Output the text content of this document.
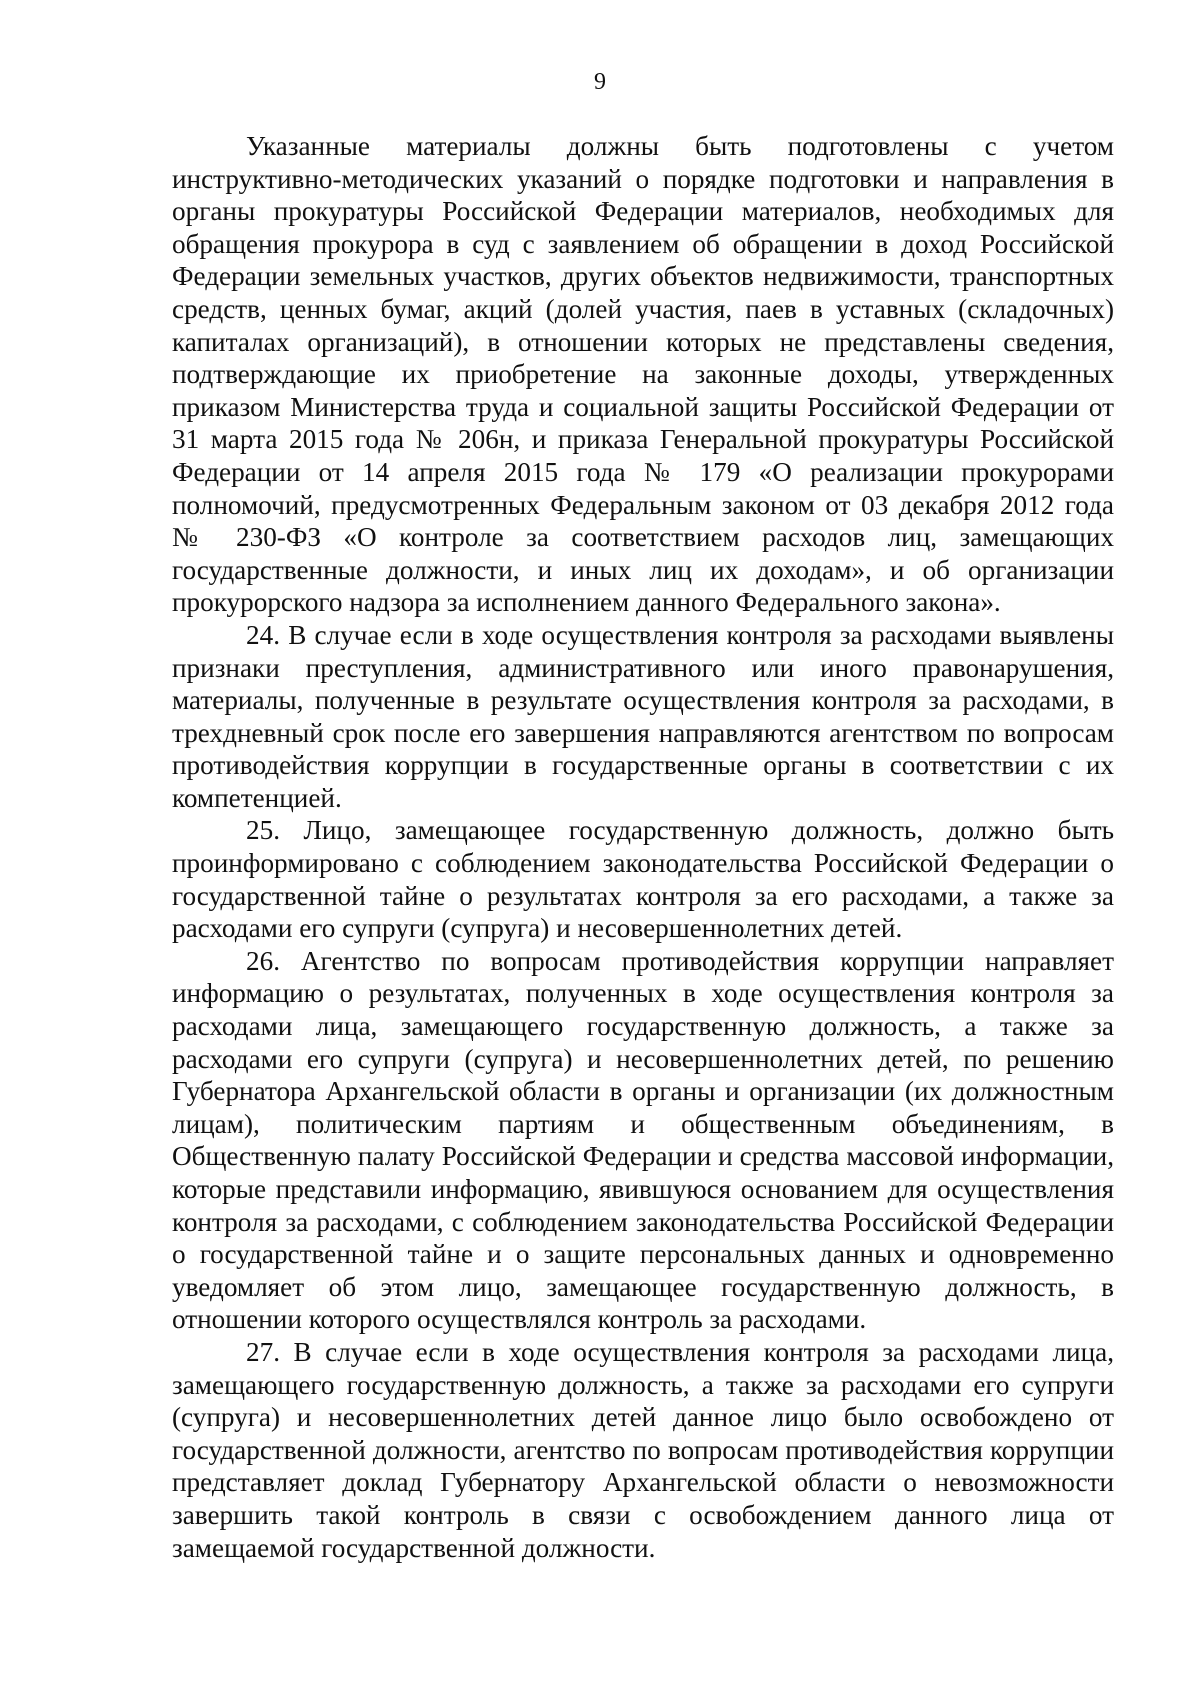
9

Указанные материалы должны быть подготовлены с учетом инструктивно-методических указаний о порядке подготовки и направления в органы прокуратуры Российской Федерации материалов, необходимых для обращения прокурора в суд с заявлением об обращении в доход Российской Федерации земельных участков, других объектов недвижимости, транспортных средств, ценных бумаг, акций (долей участия, паев в уставных (складочных) капиталах организаций), в отношении которых не представлены сведения, подтверждающие их приобретение на законные доходы, утвержденных приказом Министерства труда и социальной защиты Российской Федерации от 31 марта 2015 года № 206н, и приказа Генеральной прокуратуры Российской Федерации от 14 апреля 2015 года № 179 «О реализации прокурорами полномочий, предусмотренных Федеральным законом от 03 декабря 2012 года № 230-ФЗ «О контроле за соответствием расходов лиц, замещающих государственные должности, и иных лиц их доходам», и об организации прокурорского надзора за исполнением данного Федерального закона».

24. В случае если в ходе осуществления контроля за расходами выявлены признаки преступления, административного или иного правонарушения, материалы, полученные в результате осуществления контроля за расходами, в трехдневный срок после его завершения направляются агентством по вопросам противодействия коррупции в государственные органы в соответствии с их компетенцией.

25. Лицо, замещающее государственную должность, должно быть проинформировано с соблюдением законодательства Российской Федерации о государственной тайне о результатах контроля за его расходами, а также за расходами его супруги (супруга) и несовершеннолетних детей.

26. Агентство по вопросам противодействия коррупции направляет информацию о результатах, полученных в ходе осуществления контроля за расходами лица, замещающего государственную должность, а также за расходами его супруги (супруга) и несовершеннолетних детей, по решению Губернатора Архангельской области в органы и организации (их должностным лицам), политическим партиям и общественным объединениям, в Общественную палату Российской Федерации и средства массовой информации, которые представили информацию, явившуюся основанием для осуществления контроля за расходами, с соблюдением законодательства Российской Федерации о государственной тайне и о защите персональных данных и одновременно уведомляет об этом лицо, замещающее государственную должность, в отношении которого осуществлялся контроль за расходами.

27. В случае если в ходе осуществления контроля за расходами лица, замещающего государственную должность, а также за расходами его супруги (супруга) и несовершеннолетних детей данное лицо было освобождено от государственной должности, агентство по вопросам противодействия коррупции представляет доклад Губернатору Архангельской области о невозможности завершить такой контроль в связи с освобождением данного лица от замещаемой государственной должности.
